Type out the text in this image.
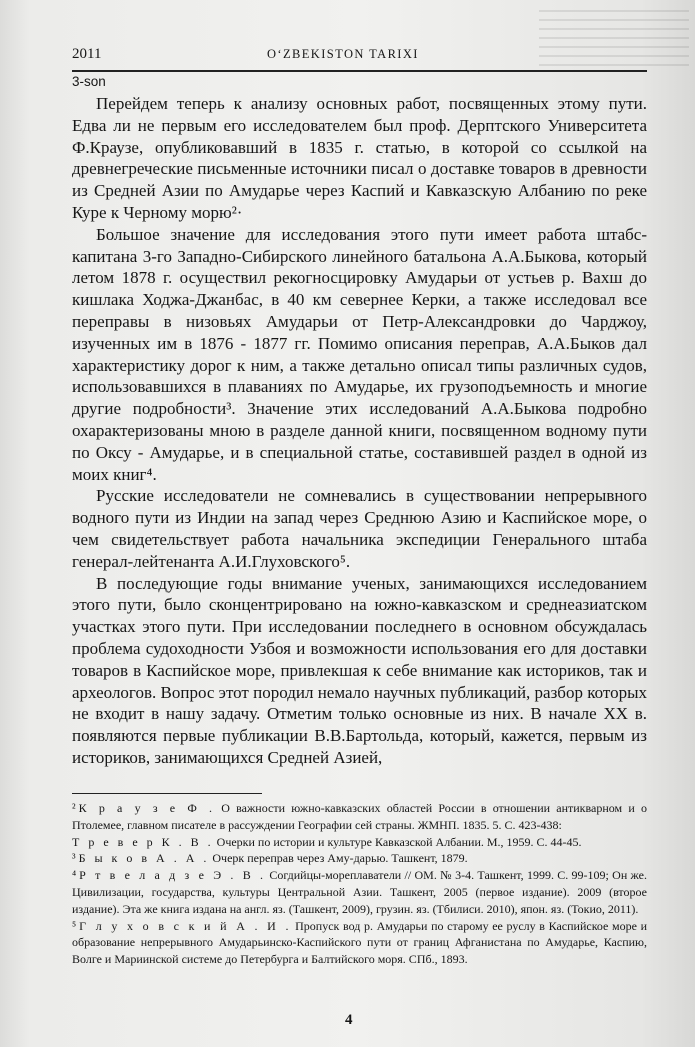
2011	O‘ZBEKISTON TARIXI
3-son

Перейдем теперь к анализу основных работ, посвященных этому пути. Едва ли не первым его исследователем был проф. Дерптского Университета Ф.Краузе, опубликовавший в 1835 г. статью, в которой со ссылкой на древнегреческие письменные источники писал о доставке товаров в древности из Средней Азии по Амударье через Каспий и Кавказскую Албанию по реке Куре к Черному морю²·

Большое значение для исследования этого пути имеет работа штабс-капитана 3-го Западно-Сибирского линейного батальона А.А.Быкова, который летом 1878 г. осуществил рекогносцировку Амударьи от устьев р. Вахш до кишлака Ходжа-Джанбас, в 40 км севернее Керки, а также исследовал все переправы в низовьях Амударьи от Петр-Александровки до Чарджоу, изученных им в 1876 - 1877 гг. Помимо описания переправ, А.А.Быков дал характеристику дорог к ним, а также детально описал типы различных судов, использовавшихся в плаваниях по Амударье, их грузоподъемность и многие другие подробности³. Значение этих исследований А.А.Быкова подробно охарактеризованы мною в разделе данной книги, посвященном водному пути по Оксу - Амударье, и в специальной статье, составившей раздел в одной из моих книг⁴.

Русские исследователи не сомневались в существовании непрерывного водного пути из Индии на запад через Среднюю Азию и Каспийское море, о чем свидетельствует работа начальника экспедиции Генерального штаба генерал-лейтенанта А.И.Глуховского⁵.

В последующие годы внимание ученых, занимающихся исследованием этого пути, было сконцентрировано на южно-кавказском и среднеазиатском участках этого пути. При исследовании последнего в основном обсуждалась проблема судоходности Узбоя и возможности использования его для доставки товаров в Каспийское море, привлекшая к себе внимание как историков, так и археологов. Вопрос этот породил немало научных публикаций, разбор которых не входит в нашу задачу. Отметим только основные из них. В начале XX в. появляются первые публикации В.В.Бартольда, который, кажется, первым из историков, занимающихся Средней Азией,

²К р а у з е Ф . О важности южно-кавказских областей России в отношении антикварном и о Птолемее, главном писателе в рассуждении Географии сей страны. ЖМНП. 1835. 5. С. 423-438:

Т р е в е р К . В . Очерки по истории и культуре Кавказской Албании. М., 1959. С. 44-45.

³Б ы к о в А . А . Очерк переправ через Аму-дарью. Ташкент, 1879.

⁴Р т в е л а д з е Э . В . Согдийцы-мореплаватели // ОМ. № 3-4. Ташкент, 1999. С. 99-109; Он же. Цивилизации, государства, культуры Центральной Азии. Ташкент, 2005 (первое издание). 2009 (второе издание). Эта же книга издана на англ. яз. (Ташкент, 2009), грузин. яз. (Тбилиси. 2010), япон. яз. (Токио, 2011).

⁵Г л у х о в с к и й А . И . Пропуск вод р. Амударьи по старому ее руслу в Каспийское море и образование непрерывного Амударьинско-Каспийского пути от границ Афганистана по Амударье, Каспию, Волге и Мариинской системе до Петербурга и Балтийского моря. СПб., 1893.

4
